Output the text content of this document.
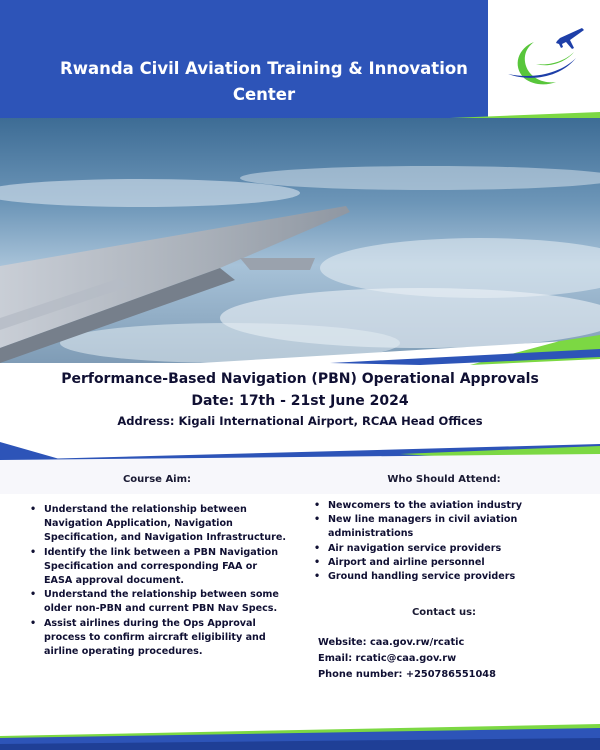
Rwanda Civil Aviation Training & Innovation Center
Performance-Based Navigation (PBN) Operational Approvals
Date: 17th - 21st June 2024
Address: Kigali International Airport, RCAA Head Offices
Course Aim:
• Understand the relationship between Navigation Application, Navigation Specification, and Navigation Infrastructure.
• Identify the link between a PBN Navigation Specification and corresponding FAA or EASA approval document.
• Understand the relationship between some older non-PBN and current PBN Nav Specs.
• Assist airlines during the Ops Approval process to confirm aircraft eligibility and airline operating procedures.
Who Should Attend:
• Newcomers to the aviation industry
• New line managers in civil aviation administrations
• Air navigation service providers
• Airport and airline personnel
• Ground handling service providers
Contact us:
Website: caa.gov.rw/rcatic
Email: rcatic@caa.gov.rw
Phone number: +250786551048
